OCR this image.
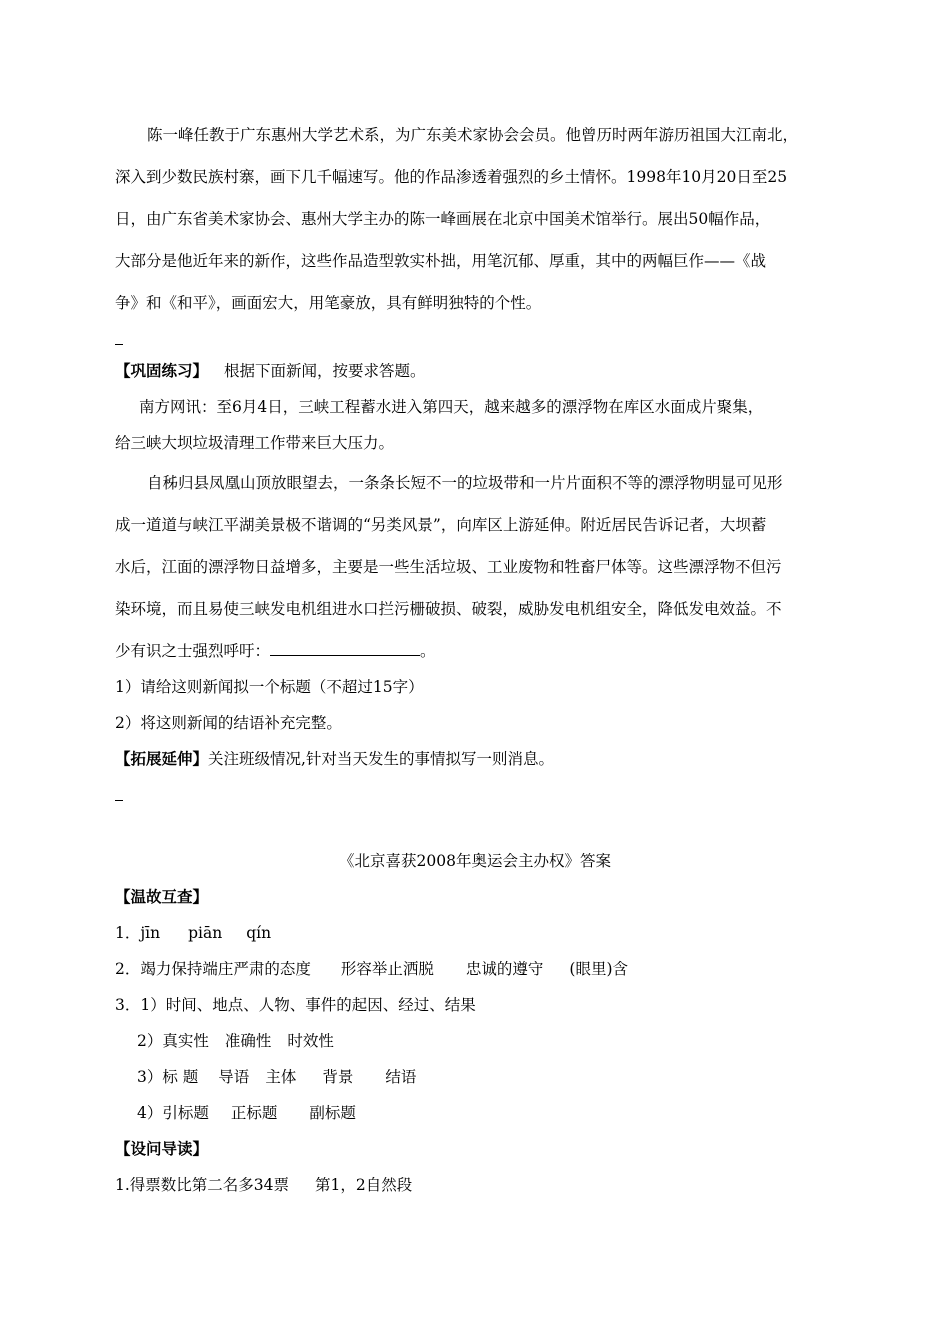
陈一峰任教于广东惠州大学艺术系，为广东美术家协会会员。他曾历时两年游历祖国大江南北，
深入到少数民族村寨，画下几千幅速写。他的作品渗透着强烈的乡土情怀。1998年10月20日至25
日，由广东省美术家协会、惠州大学主办的陈一峰画展在北京中国美术馆举行。展出50幅作品，
大部分是他近年来的新作，这些作品造型敦实朴拙，用笔沉郁、厚重，其中的两幅巨作——《战
争》和《和平》，画面宏大，用笔豪放，具有鲜明独特的个性。
【巩固练习】 根据下面新闻，按要求答题。
南方网讯：至6月4日，三峡工程蓄水进入第四天，越来越多的漂浮物在库区水面成片聚集，
给三峡大坝垃圾清理工作带来巨大压力。
自秭归县凤凰山顶放眼望去，一条条长短不一的垃圾带和一片片面积不等的漂浮物明显可见形
成一道道与峡江平湖美景极不谐调的“另类风景”，向库区上游延伸。附近居民告诉记者，大坝蓄
水后，江面的漂浮物日益增多，主要是一些生活垃圾、工业废物和牲畜尸体等。这些漂浮物不但污
染环境，而且易使三峡发电机组进水口拦污栅破损、破裂，威胁发电机组安全，降低发电效益。不
少有识之士强烈呼吁：	。
1）请给这则新闻拟一个标题（不超过15字）
2）将这则新闻的结语补充完整。
【拓展延伸】关注班级情况,针对当天发生的事情拟写一则消息。
《北京喜获2008年奥运会主办权》答案
【温故互查】
1．jīn piān qín
2．竭力保持端庄严肃的态度 形容举止洒脱 忠诚的遵守 (眼里)含
3．1）时间、地点、人物、事件的起因、经过、结果
2）真实性 准确性 时效性
3）标 题 导语 主体 背景 结语
4）引标题 正标题 副标题
【设问导读】
1.得票数比第二名多34票 第1，2自然段
